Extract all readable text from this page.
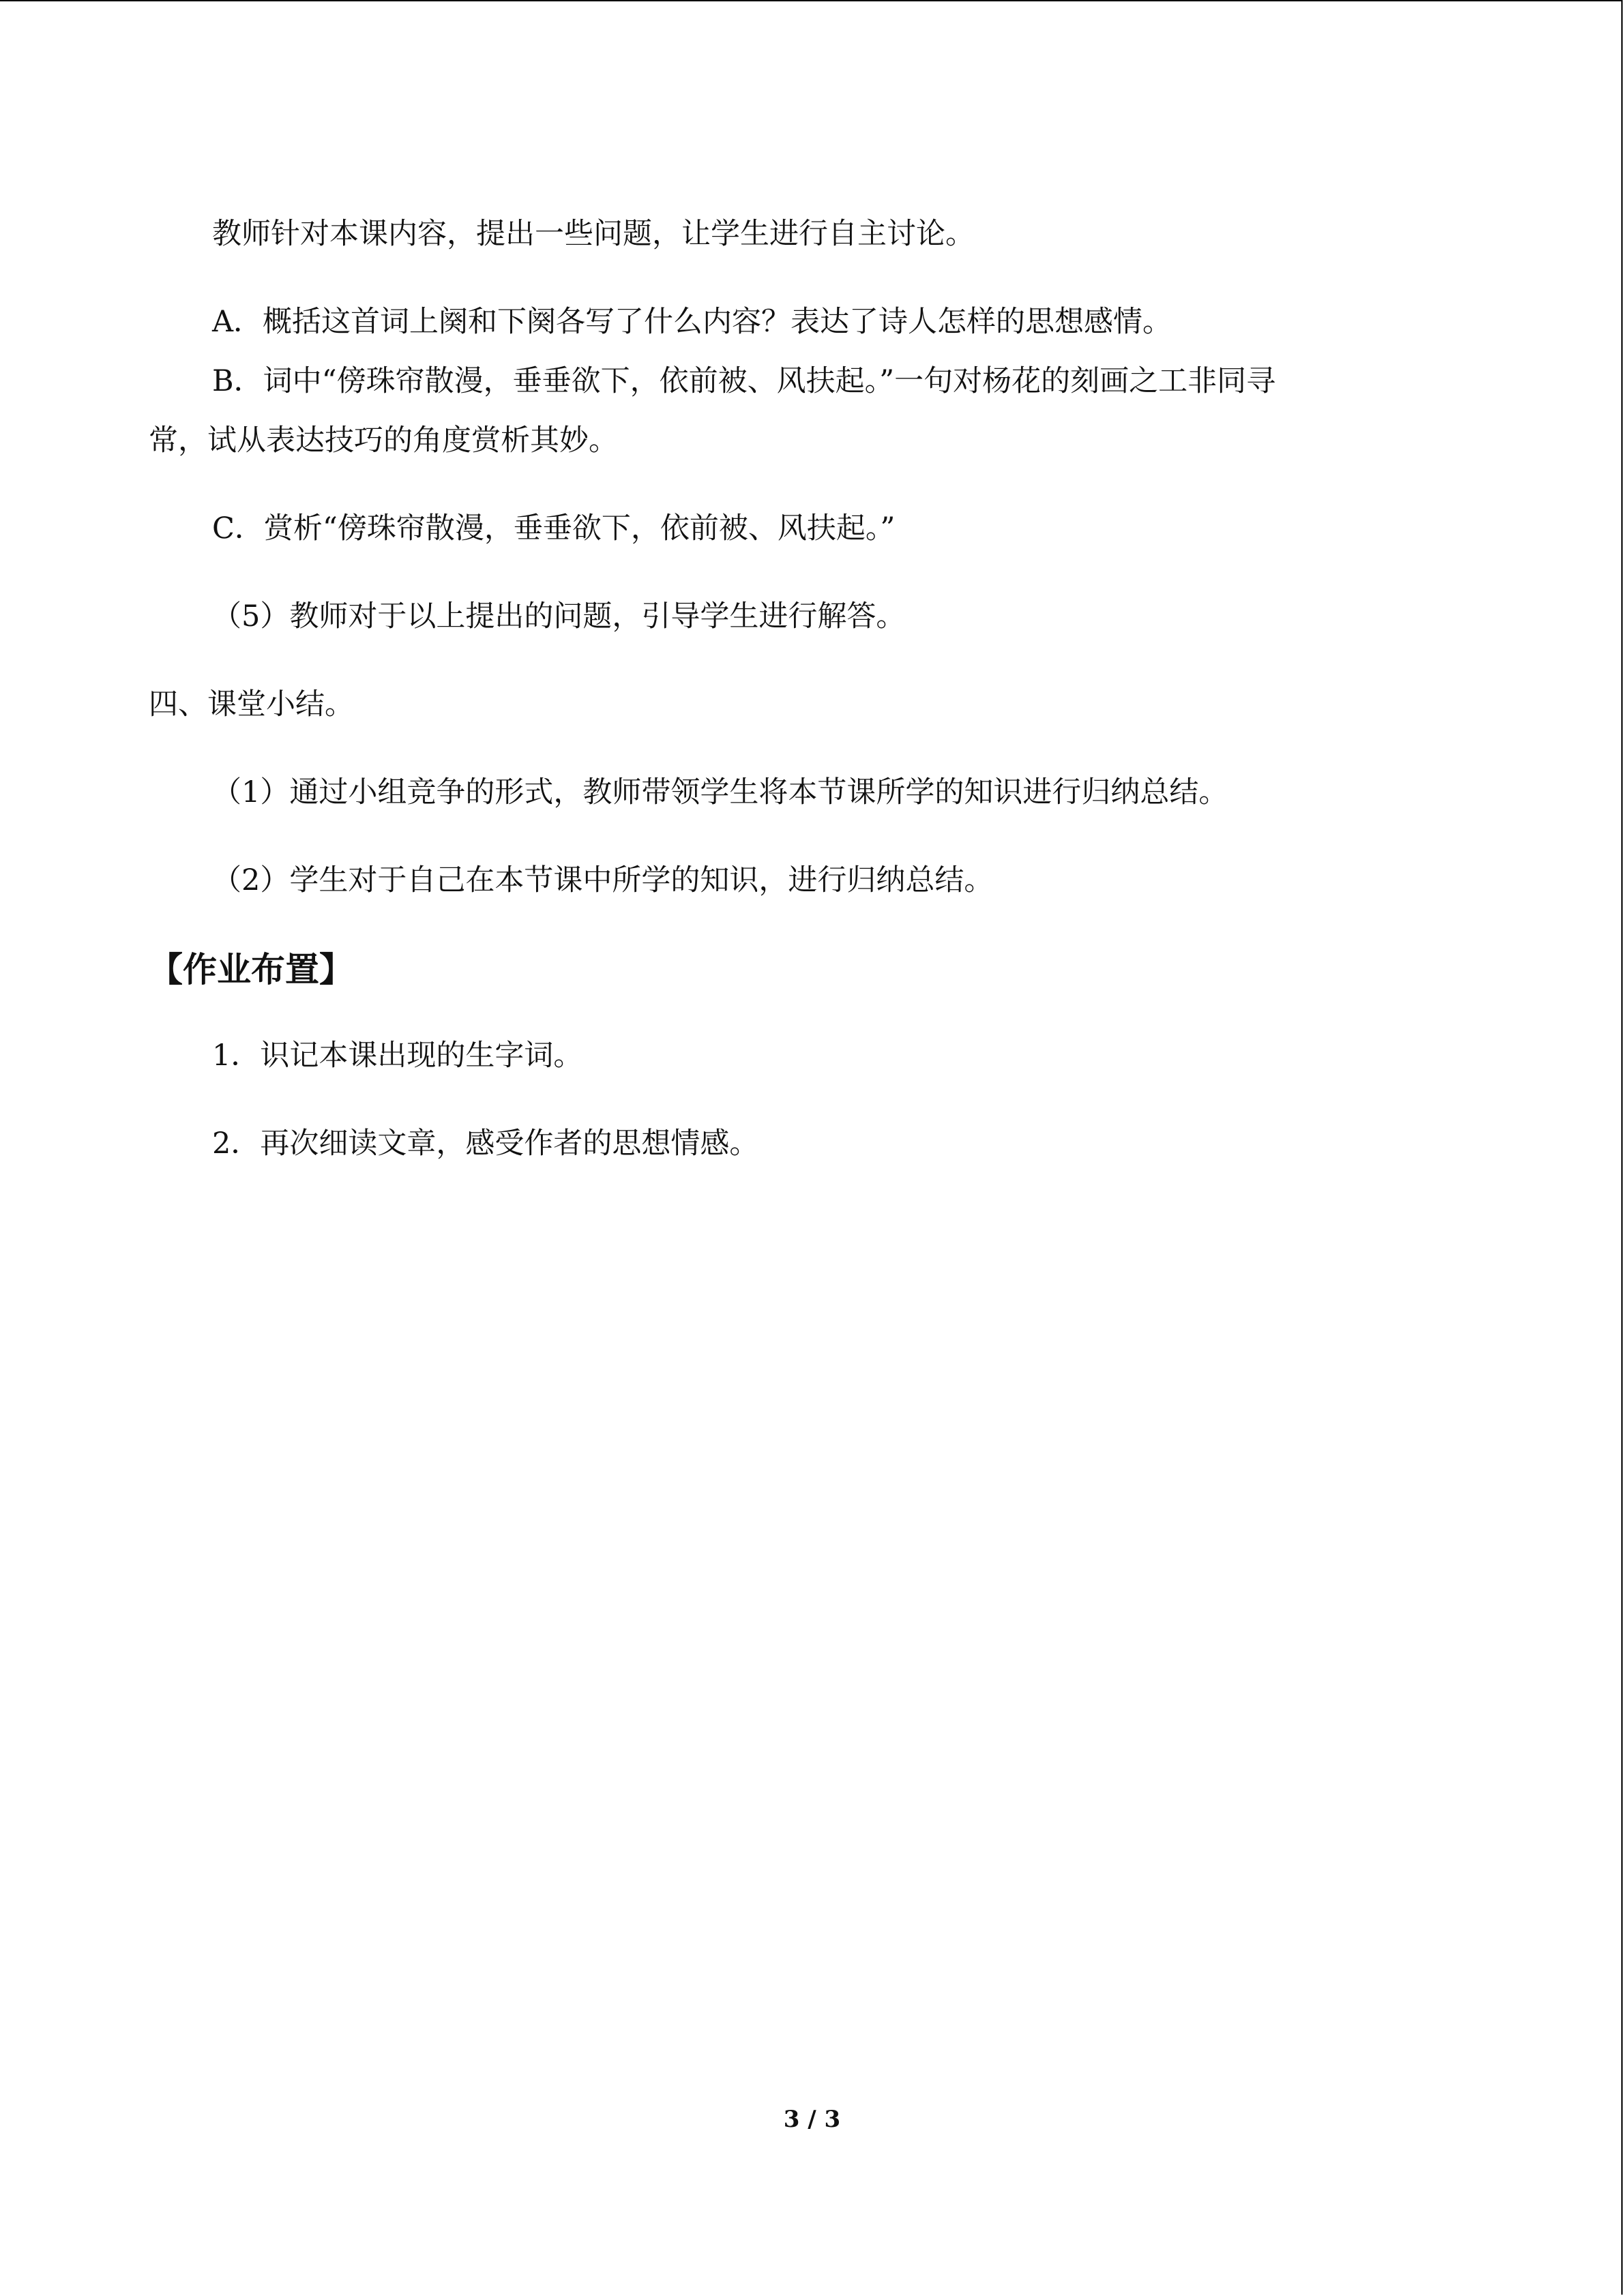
教师针对本课内容，提出一些问题，让学生进行自主讨论。

A．概括这首词上阕和下阕各写了什么内容？表达了诗人怎样的思想感情。

B．词中“傍珠帘散漫，垂垂欲下，依前被、风扶起。”一句对杨花的刻画之工非同寻

常，试从表达技巧的角度赏析其妙。

C．赏析“傍珠帘散漫，垂垂欲下，依前被、风扶起。”

（5）教师对于以上提出的问题，引导学生进行解答。

四、课堂小结。

（1）通过小组竞争的形式，教师带领学生将本节课所学的知识进行归纳总结。

（2）学生对于自己在本节课中所学的知识，进行归纳总结。

【作业布置】

1．识记本课出现的生字词。

2．再次细读文章，感受作者的思想情感。

3 / 3
